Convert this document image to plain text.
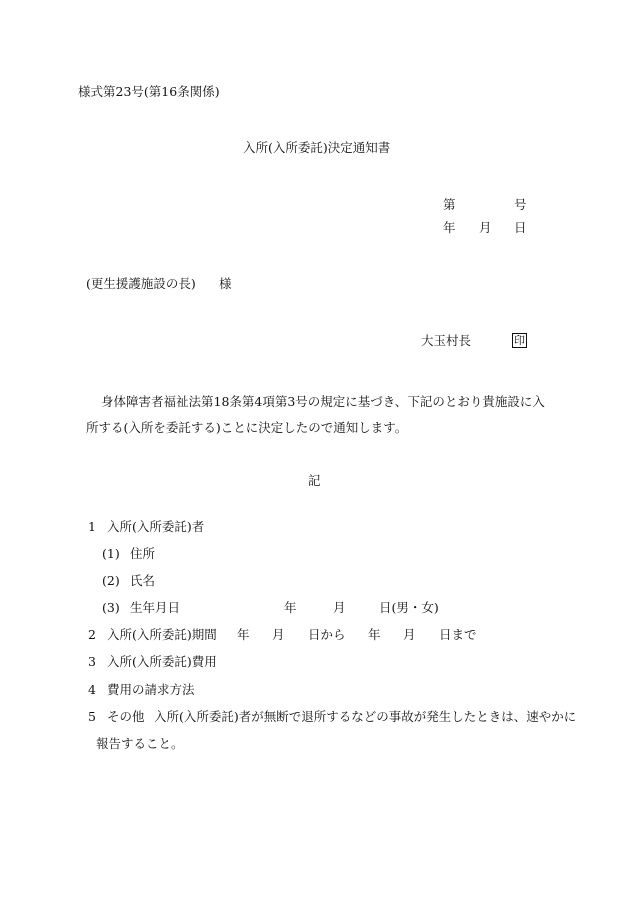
様式第23号(第16条関係)
入所(入所委託)決定通知書
第	号
年 月 日
(更生援護施設の長) 様
大玉村長	印
身体障害者福祉法第18条第4項第3号の規定に基づき、下記のとおり貴施設に入所する(入所を委託する)ことに決定したので通知します。
記
1 入所(入所委託)者
(1) 住所
(2) 氏名
(3) 生年月日	年	月	日(男・女)
2 入所(入所委託)期間 年 月 日から 年 月 日まで
3 入所(入所委託)費用
4 費用の請求方法
5 その他 入所(入所委託)者が無断で退所するなどの事故が発生したときは、速やかに
報告すること。
